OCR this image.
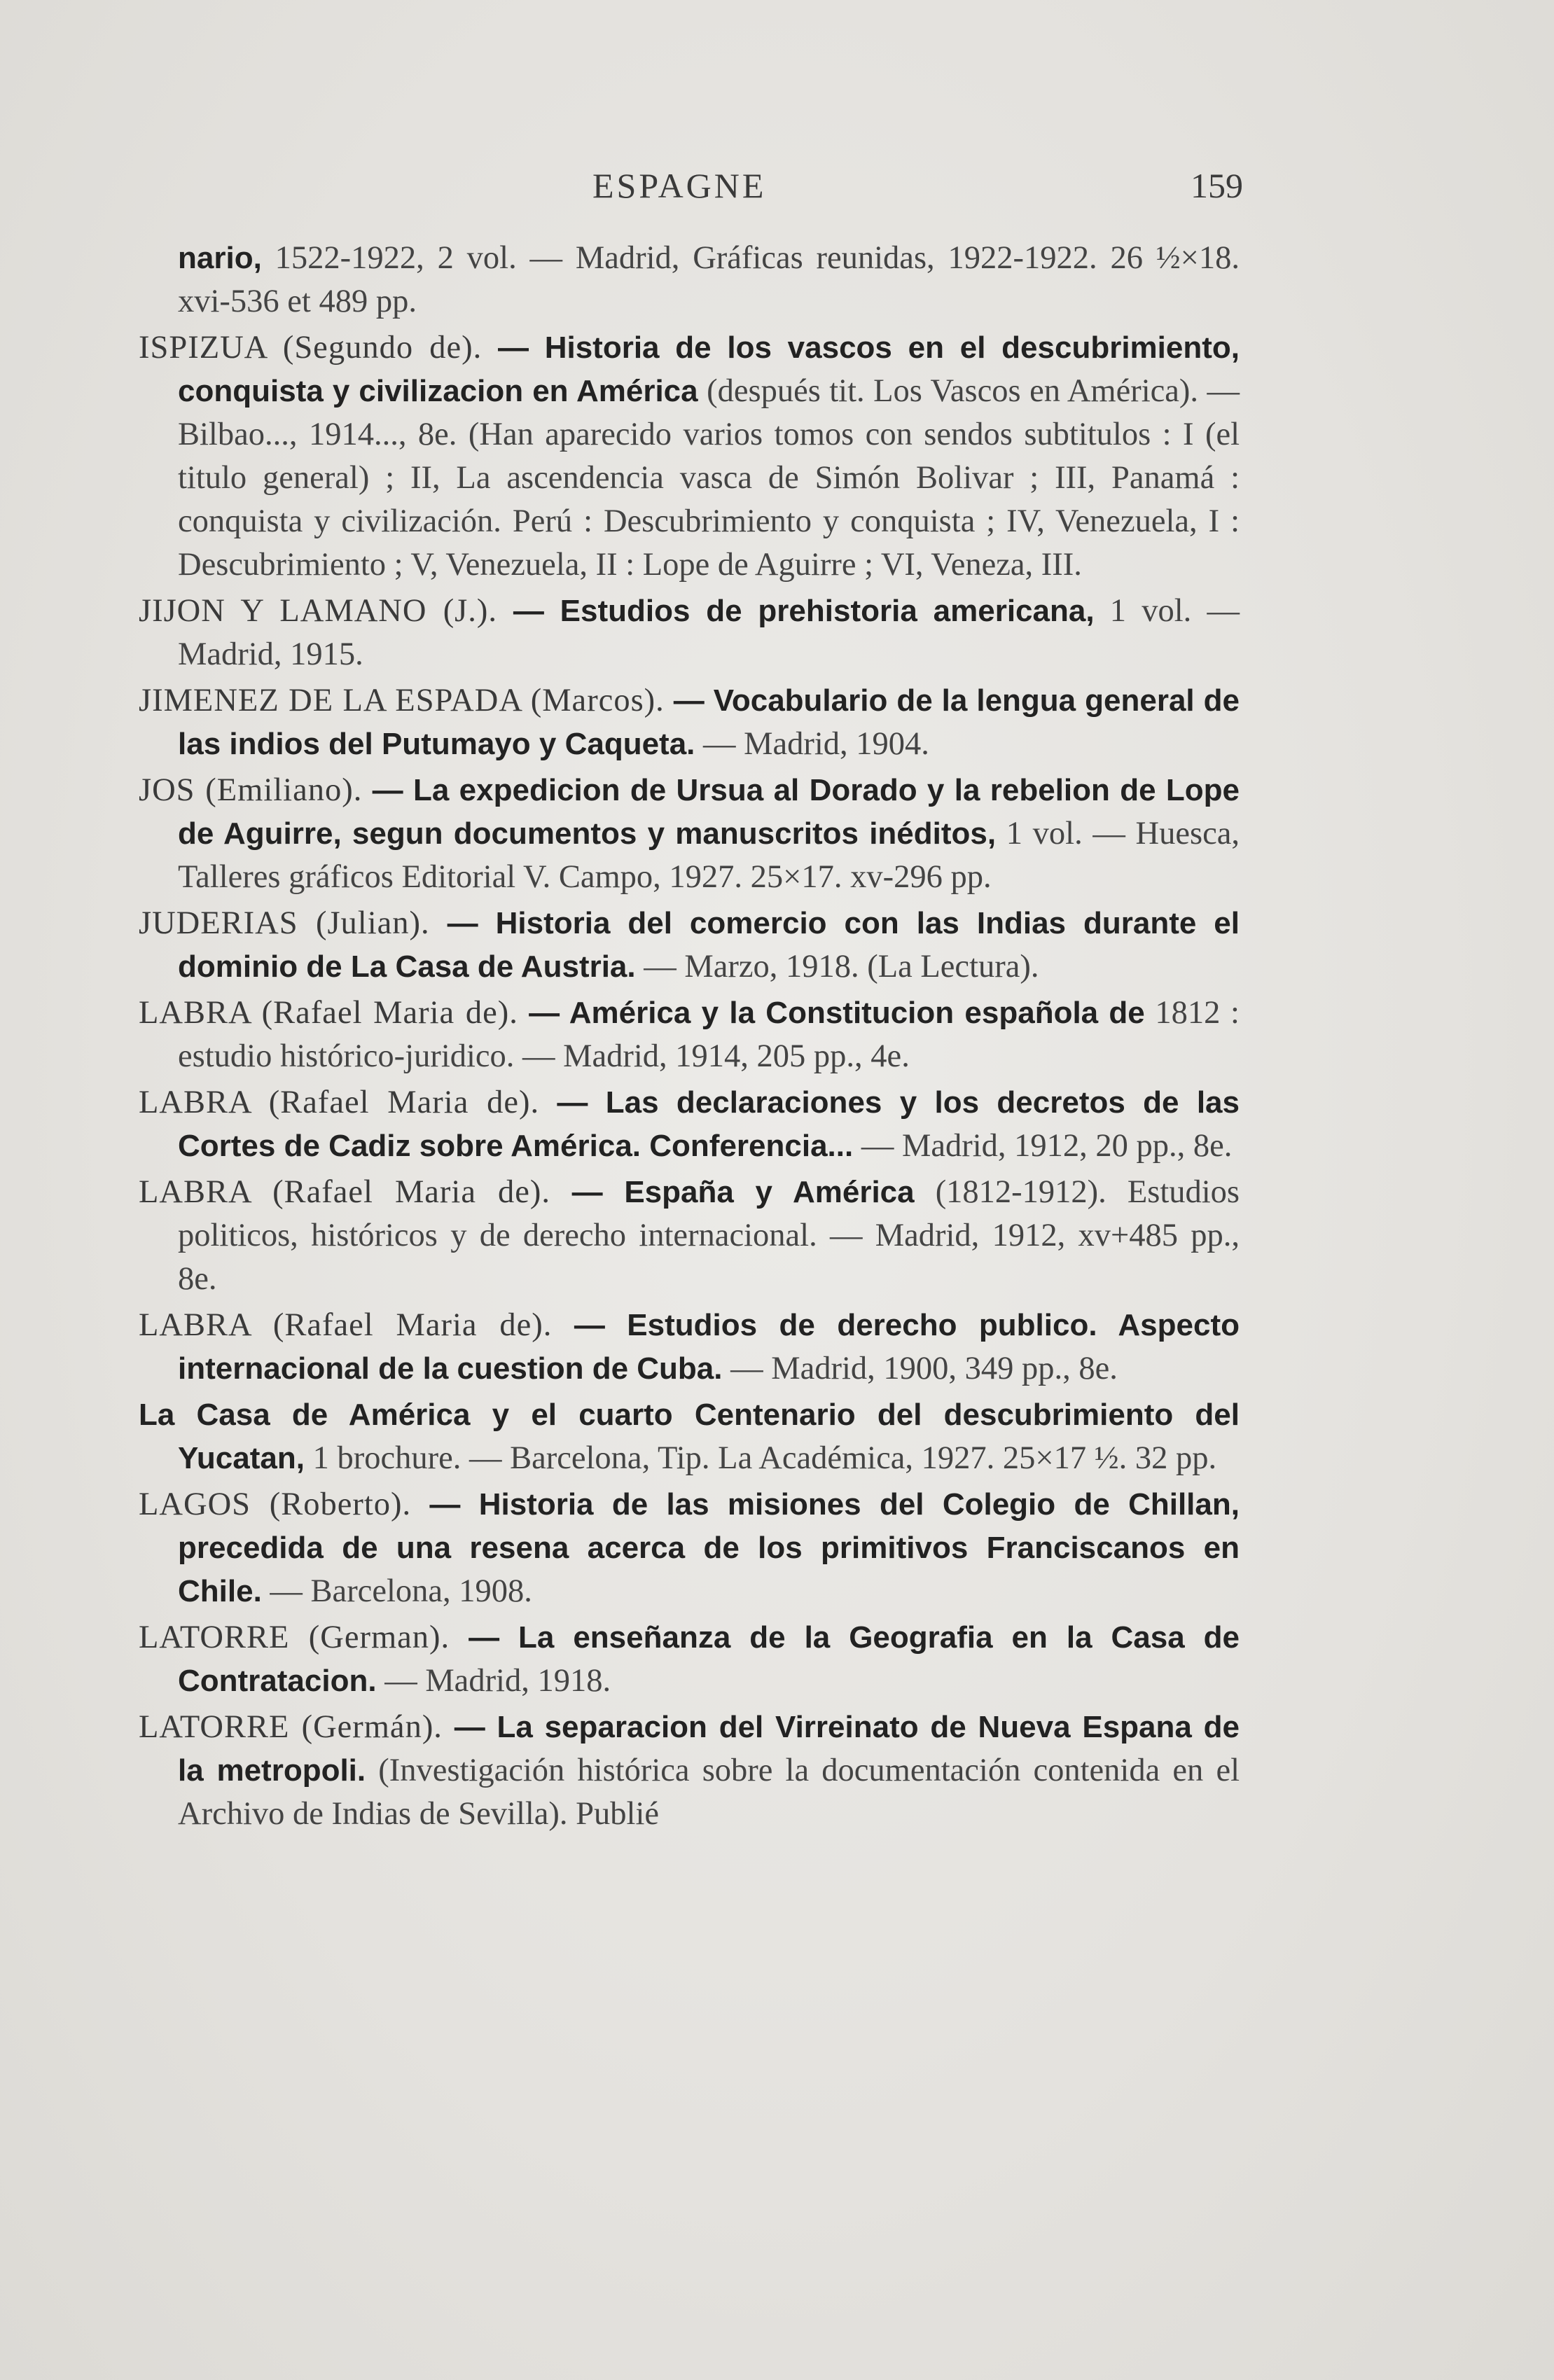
ESPAGNE	159

nario, 1522-1922, 2 vol. — Madrid, Gráficas reunidas, 1922-1922. 26 ½×18. xvi-536 et 489 pp.

ISPIZUA (Segundo de). — Historia de los vascos en el descubrimiento, conquista y civilizacion en América (después tit. Los Vascos en América). — Bilbao..., 1914..., 8e. (Han aparecido varios tomos con sendos subtitulos : I (el titulo general) ; II, La ascendencia vasca de Simón Bolivar ; III, Panamá : conquista y civilización. Perú : Descubrimiento y conquista ; IV, Venezuela, I : Descubrimiento ; V, Venezuela, II : Lope de Aguirre ; VI, Veneza, III.

JIJON Y LAMANO (J.). — Estudios de prehistoria americana, 1 vol. — Madrid, 1915.

JIMENEZ DE LA ESPADA (Marcos). — Vocabulario de la lengua general de las indios del Putumayo y Caqueta. — Madrid, 1904.

JOS (Emiliano). — La expedicion de Ursua al Dorado y la rebelion de Lope de Aguirre, segun documentos y manuscritos inéditos, 1 vol. — Huesca, Talleres gráficos Editorial V. Campo, 1927. 25×17. xv-296 pp.

JUDERIAS (Julian). — Historia del comercio con las Indias durante el dominio de La Casa de Austria. — Marzo, 1918. (La Lectura).

LABRA (Rafael Maria de). — América y la Constitucion española de 1812 : estudio histórico-juridico. — Madrid, 1914, 205 pp., 4e.

LABRA (Rafael Maria de). — Las declaraciones y los decretos de las Cortes de Cadiz sobre América. Conferencia... — Madrid, 1912, 20 pp., 8e.

LABRA (Rafael Maria de). — España y América (1812-1912). Estudios politicos, históricos y de derecho internacional. — Madrid, 1912, xv+485 pp., 8e.

LABRA (Rafael Maria de). — Estudios de derecho publico. Aspecto internacional de la cuestion de Cuba. — Madrid, 1900, 349 pp., 8e.

La Casa de América y el cuarto Centenario del descubrimiento del Yucatan, 1 brochure. — Barcelona, Tip. La Académica, 1927. 25×17 ½. 32 pp.

LAGOS (Roberto). — Historia de las misiones del Colegio de Chillan, precedida de una resena acerca de los primitivos Franciscanos en Chile. — Barcelona, 1908.

LATORRE (German). — La enseñanza de la Geografia en la Casa de Contratacion. — Madrid, 1918.

LATORRE (Germán). — La separacion del Virreinato de Nueva Espana de la metropoli. (Investigación histórica sobre la documentación contenida en el Archivo de Indias de Sevilla). Publié
